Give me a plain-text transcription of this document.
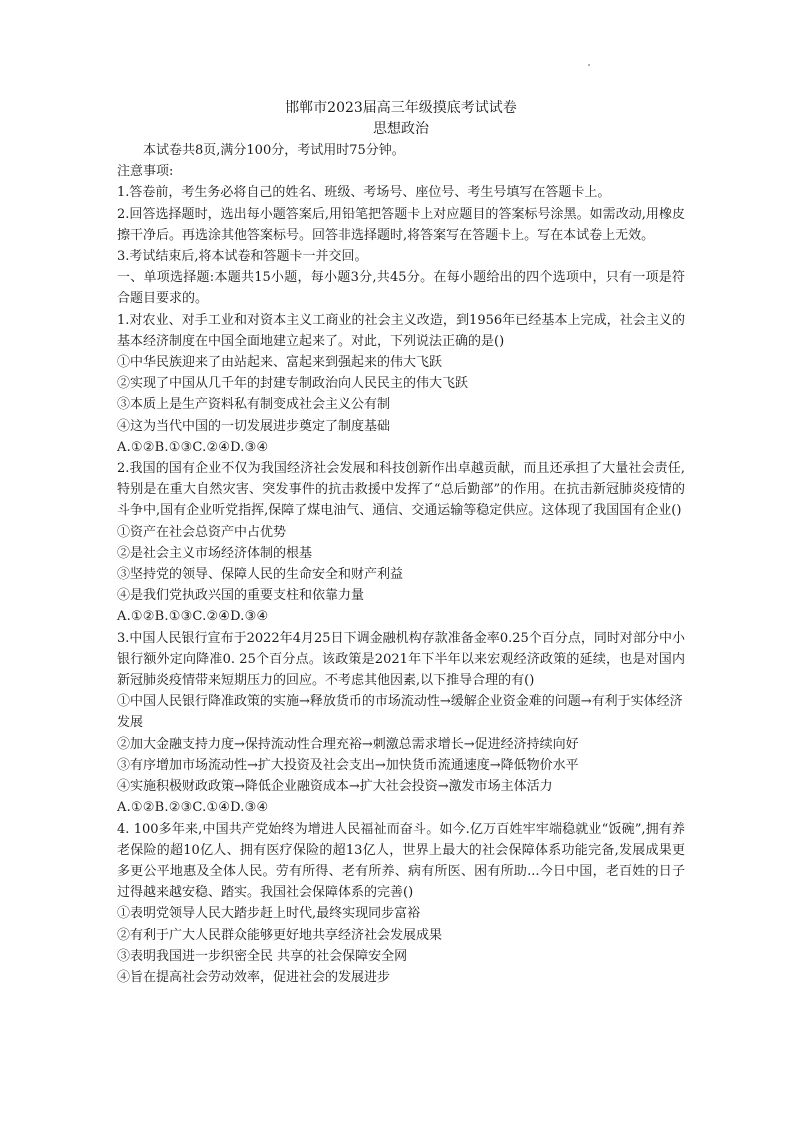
邯郸市2023届高三年级摸底考试试卷
思想政治

本试卷共8页,满分100分，考试用时75分钟。

注意事项:

1.答卷前，考生务必将自己的姓名、班级、考场号、座位号、考生号填写在答题卡上。

2.回答选择题时，选出每小题答案后,用铅笔把答题卡上对应题目的答案标号涂黑。如需改动,用橡皮擦干净后。再选涂其他答案标号。回答非选择题时,将答案写在答题卡上。写在本试卷上无效。

3.考试结束后,将本试卷和答题卡一并交回。

一、单项选择题:本题共15小题，每小题3分,共45分。在每小题给出的四个选项中，只有一项是符合题目要求的。

1.对农业、对手工业和对资本主义工商业的社会主义改造，到1956年已经基本上完成，社会主义的基本经济制度在中国全面地建立起来了。对此，下列说法正确的是()

①中华民族迎来了由站起来、富起来到强起来的伟大飞跃

②实现了中国从几千年的封建专制政治向人民民主的伟大飞跃

③本质上是生产资料私有制变成社会主义公有制

④这为当代中国的一切发展进步奠定了制度基础

A.①②B.①③C.②④D.③④

2.我国的国有企业不仅为我国经济社会发展和科技创新作出卓越贡献，而且还承担了大量社会责任,特别是在重大自然灾害、突发事件的抗击救援中发挥了“总后勤部”的作用。在抗击新冠肺炎疫情的斗争中,国有企业听党指挥,保障了煤电油气、通信、交通运输等稳定供应。这体现了我国国有企业()

①资产在社会总资产中占优势

②是社会主义市场经济体制的根基

③坚持党的领导、保障人民的生命安全和财产利益

④是我们党执政兴国的重要支柱和依靠力量

A.①②B.①③C.②④D.③④

3.中国人民银行宣布于2022年4月25日下调金融机构存款准备金率0.25个百分点，同时对部分中小银行额外定向降准0. 25个百分点。该政策是2021年下半年以来宏观经济政策的延续，也是对国内新冠肺炎疫情带来短期压力的回应。不考虑其他因素,以下推导合理的有()

①中国人民银行降准政策的实施→释放货币的市场流动性→缓解企业资金难的问题→有利于实体经济发展

②加大金融支持力度→保持流动性合理充裕→刺激总需求增长→促进经济持续向好

③有序增加市场流动性→扩大投资及社会支出→加快货币流通速度→降低物价水平

④实施积极财政政策→降低企业融资成本→扩大社会投资→激发市场主体活力

A.①②B.②③C.①④D.③④

4. 100多年来,中国共产党始终为增进人民福祉而奋斗。如今.亿万百姓牢牢端稳就业“饭碗”,拥有养老保险的超10亿人、拥有医疗保险的超13亿人，世界上最大的社会保障体系功能完备,发展成果更多更公平地惠及全体人民。劳有所得、老有所养、病有所医、困有所助...今日中国，老百姓的日子过得越来越安稳、踏实。我国社会保障体系的完善()

①表明党领导人民大踏步赶上时代,最终实现同步富裕

②有利于广大人民群众能够更好地共享经济社会发展成果

③表明我国进一步织密全民 共享的社会保障安全网

④旨在提高社会劳动效率，促进社会的发展进步
